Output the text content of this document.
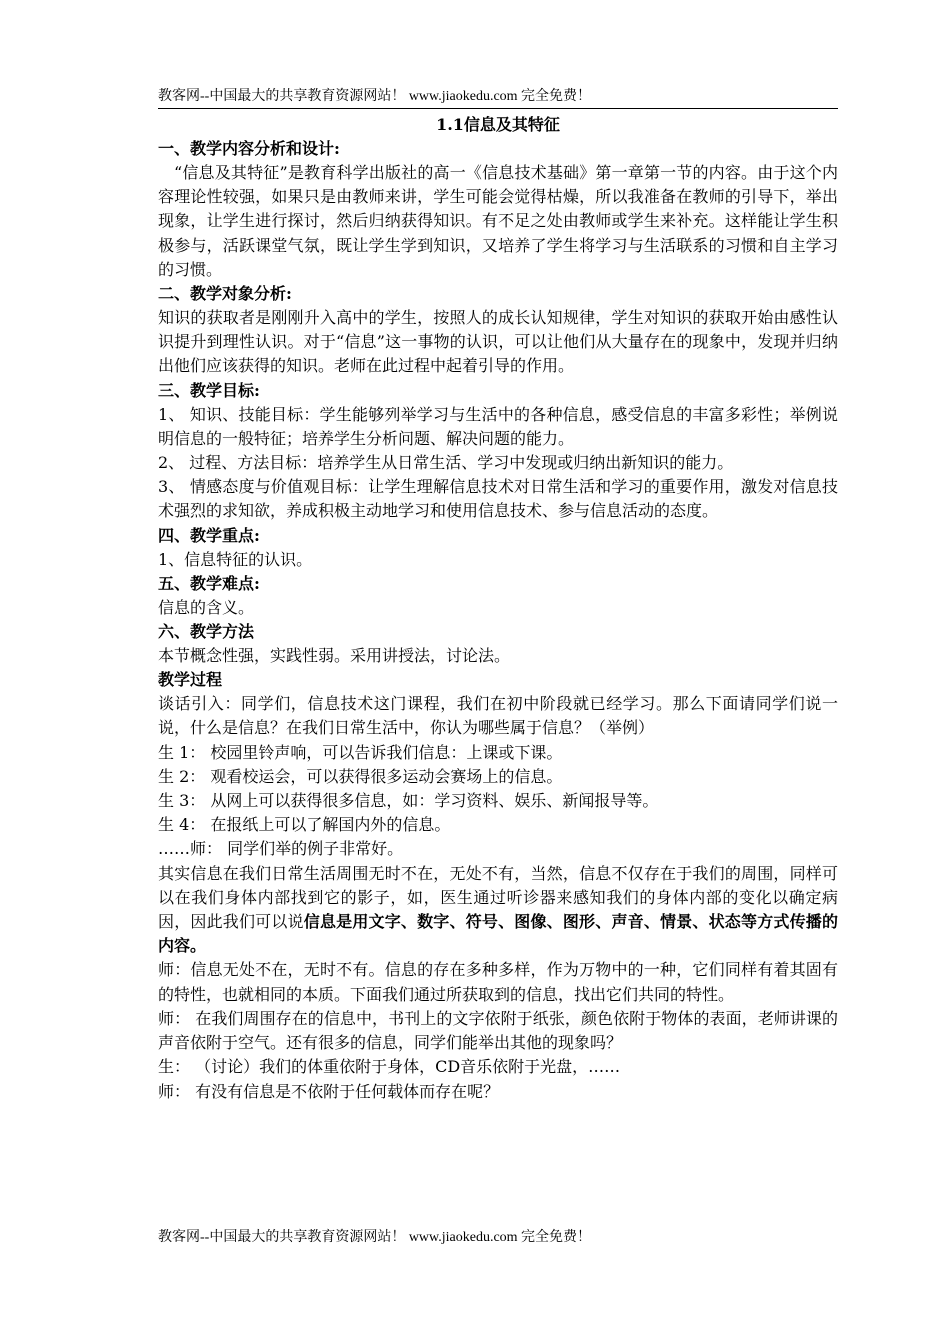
教客网--中国最大的共享教育资源网站！ www.jiaokedu.com 完全免费！
1.1信息及其特征
一、教学内容分析和设计:
“信息及其特征”是教育科学出版社的高一《信息技术基础》第一章第一节的内容。由于这个内容理论性较强，如果只是由教师来讲，学生可能会觉得枯燥，所以我准备在教师的引导下，举出现象，让学生进行探讨，然后归纳获得知识。有不足之处由教师或学生来补充。这样能让学生积极参与，活跃课堂气氛，既让学生学到知识，又培养了学生将学习与生活联系的习惯和自主学习的习惯。
二、教学对象分析:
知识的获取者是刚刚升入高中的学生，按照人的成长认知规律，学生对知识的获取开始由感性认识提升到理性认识。对于“信息”这一事物的认识，可以让他们从大量存在的现象中，发现并归纳出他们应该获得的知识。老师在此过程中起着引导的作用。
三、教学目标:
1、 知识、技能目标：学生能够列举学习与生活中的各种信息，感受信息的丰富多彩性；举例说明信息的一般特征；培养学生分析问题、解决问题的能力。
2、 过程、方法目标：培养学生从日常生活、学习中发现或归纳出新知识的能力。
3、 情感态度与价值观目标：让学生理解信息技术对日常生活和学习的重要作用，激发对信息技术强烈的求知欲，养成积极主动地学习和使用信息技术、参与信息活动的态度。
四、教学重点:
1、信息特征的认识。
五、教学难点:
信息的含义。
六、教学方法
本节概念性强，实践性弱。采用讲授法，讨论法。
教学过程
谈话引入：同学们，信息技术这门课程，我们在初中阶段就已经学习。那么下面请同学们说一说，什么是信息？在我们日常生活中，你认为哪些属于信息？（举例）
生 1： 校园里铃声响，可以告诉我们信息：上课或下课。
生 2： 观看校运会，可以获得很多运动会赛场上的信息。
生 3： 从网上可以获得很多信息，如：学习资料、娱乐、新闻报导等。
生 4： 在报纸上可以了解国内外的信息。
……师： 同学们举的例子非常好。
其实信息在我们日常生活周围无时不在，无处不有，当然，信息不仅存在于我们的周围，同样可以在我们身体内部找到它的影子，如，医生通过听诊器来感知我们的身体内部的变化以确定病因，因此我们可以说信息是用文字、数字、符号、图像、图形、声音、情景、状态等方式传播的内容。
师：信息无处不在，无时不有。信息的存在多种多样，作为万物中的一种，它们同样有着其固有的特性，也就相同的本质。下面我们通过所获取到的信息，找出它们共同的特性。
师： 在我们周围存在的信息中，书刊上的文字依附于纸张，颜色依附于物体的表面，老师讲课的声音依附于空气。还有很多的信息，同学们能举出其他的现象吗？
生： （讨论）我们的体重依附于身体，CD音乐依附于光盘，……
师： 有没有信息是不依附于任何载体而存在呢？
教客网--中国最大的共享教育资源网站！ www.jiaokedu.com 完全免费！
